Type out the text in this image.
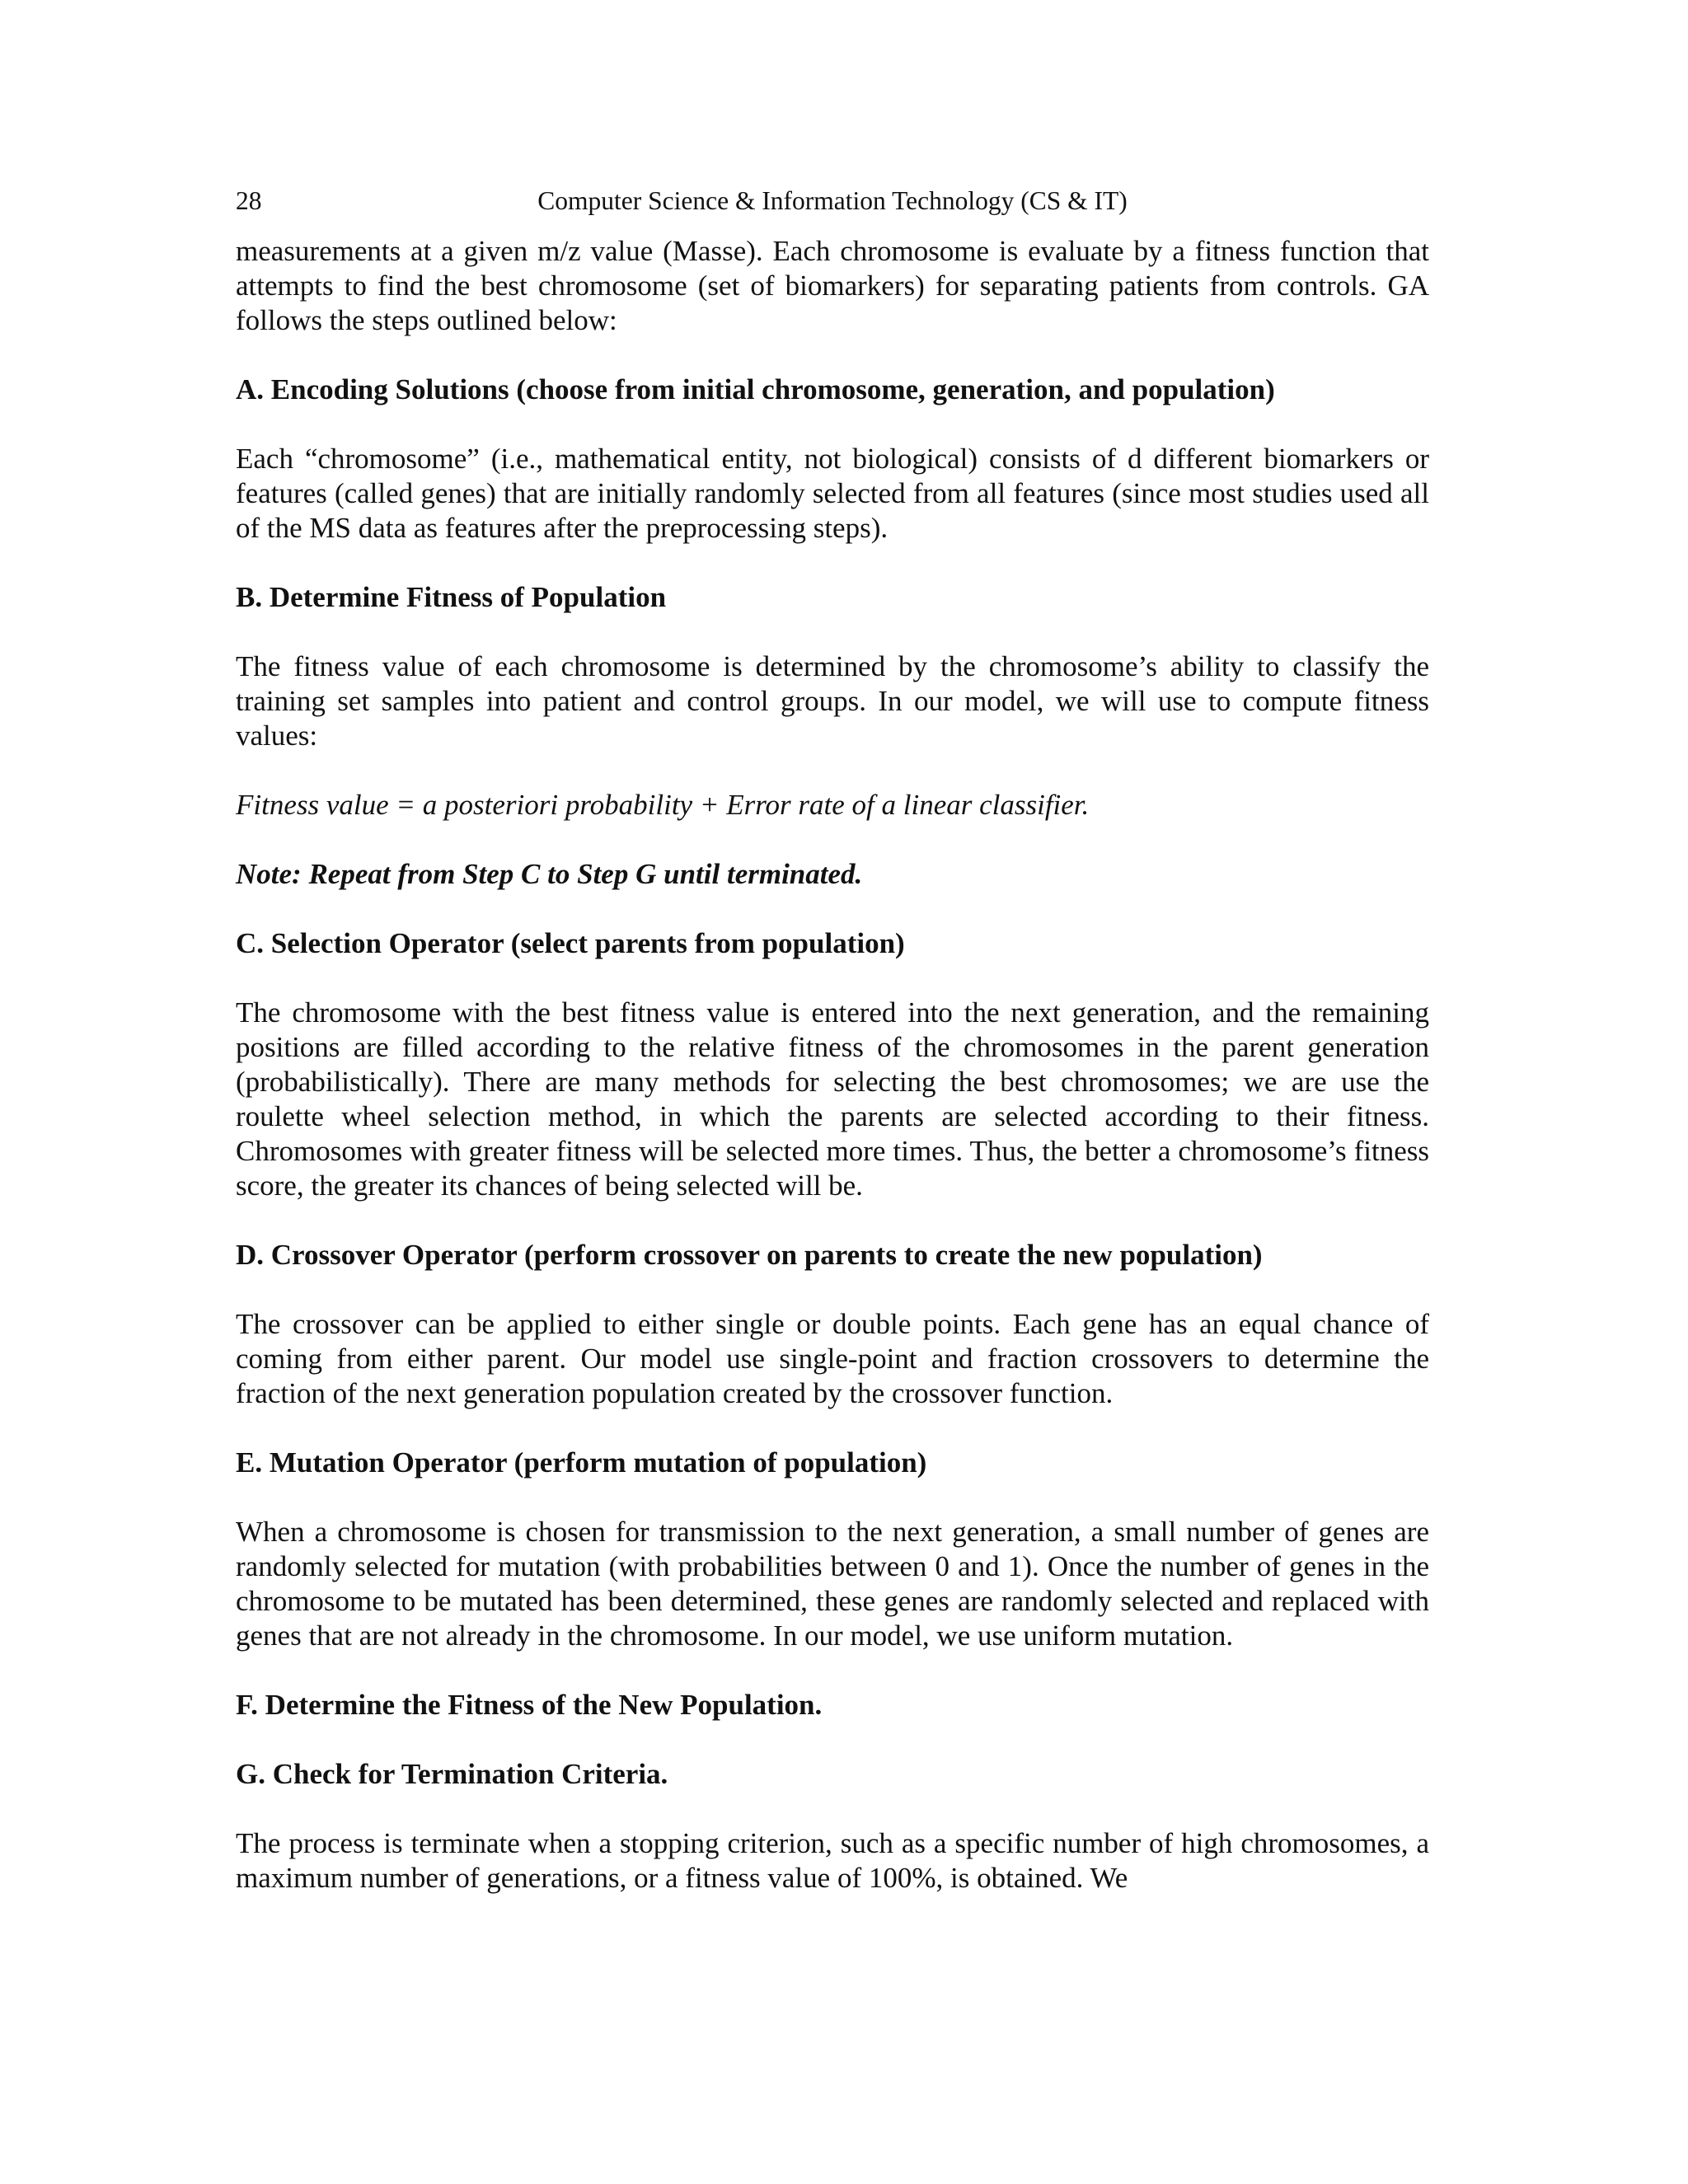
28	Computer Science & Information Technology (CS & IT)

measurements at a given m/z value (Masse). Each chromosome is evaluate by a fitness function that attempts to find the best chromosome (set of biomarkers) for separating patients from controls. GA follows the steps outlined below:

A. Encoding Solutions (choose from initial chromosome, generation, and population)

Each “chromosome” (i.e., mathematical entity, not biological) consists of d different biomarkers or features (called genes) that are initially randomly selected from all features (since most studies used all of the MS data as features after the preprocessing steps).

B. Determine Fitness of Population

The fitness value of each chromosome is determined by the chromosome’s ability to classify the training set samples into patient and control groups. In our model, we will use to compute fitness values:

Fitness value = a posteriori probability + Error rate of a linear classifier.

Note: Repeat from Step C to Step G until terminated.

C. Selection Operator (select parents from population)

The chromosome with the best fitness value is entered into the next generation, and the remaining positions are filled according to the relative fitness of the chromosomes in the parent generation (probabilistically). There are many methods for selecting the best chromosomes; we are use the roulette wheel selection method, in which the parents are selected according to their fitness. Chromosomes with greater fitness will be selected more times. Thus, the better a chromosome’s fitness score, the greater its chances of being selected will be.

D. Crossover Operator (perform crossover on parents to create the new population)

The crossover can be applied to either single or double points. Each gene has an equal chance of coming from either parent. Our model use single-point and fraction crossovers to determine the fraction of the next generation population created by the crossover function.

E. Mutation Operator (perform mutation of population)

When a chromosome is chosen for transmission to the next generation, a small number of genes are randomly selected for mutation (with probabilities between 0 and 1). Once the number of genes in the chromosome to be mutated has been determined, these genes are randomly selected and replaced with genes that are not already in the chromosome. In our model, we use uniform mutation.

F. Determine the Fitness of the New Population.

G. Check for Termination Criteria.

The process is terminate when a stopping criterion, such as a specific number of high chromosomes, a maximum number of generations, or a fitness value of 100%, is obtained. We
